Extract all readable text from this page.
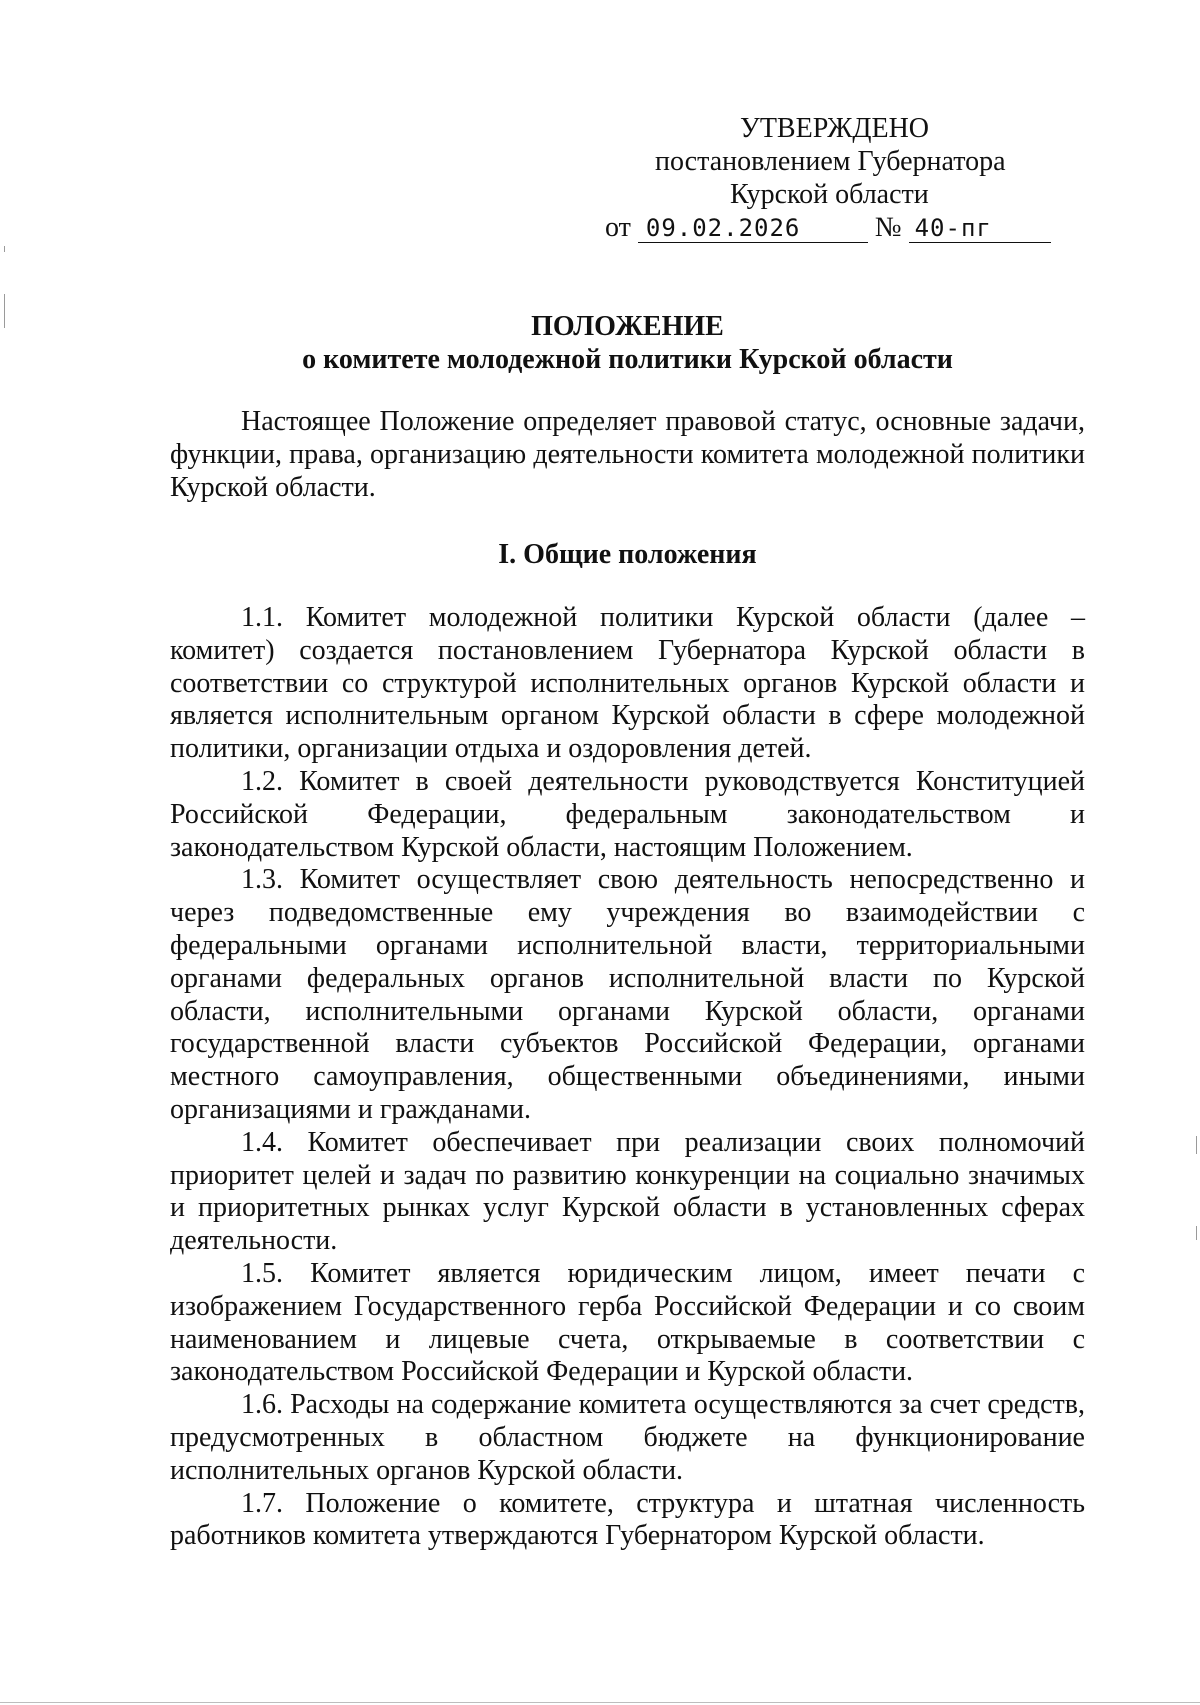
УТВЕРЖДЕНО
постановлением Губернатора
Курской области
от 09.02.2026	№ 40-пг
ПОЛОЖЕНИЕ
о комитете молодежной политики Курской области

Настоящее Положение определяет правовой статус, основные задачи, функции, права, организацию деятельности комитета молодежной политики Курской области.

I. Общие положения

1.1. Комитет молодежной политики Курской области (далее – комитет) создается постановлением Губернатора Курской области в соответствии со структурой исполнительных органов Курской области и является исполнительным органом Курской области в сфере молодежной политики, организации отдыха и оздоровления детей.

1.2. Комитет в своей деятельности руководствуется Конституцией Российской Федерации, федеральным законодательством и законодательством Курской области, настоящим Положением.

1.3. Комитет осуществляет свою деятельность непосредственно и через подведомственные ему учреждения во взаимодействии с федеральными органами исполнительной власти, территориальными органами федеральных органов исполнительной власти по Курской области, исполнительными органами Курской области, органами государственной власти субъектов Российской Федерации, органами местного самоуправления, общественными объединениями, иными организациями и гражданами.

1.4. Комитет обеспечивает при реализации своих полномочий приоритет целей и задач по развитию конкуренции на социально значимых и приоритетных рынках услуг Курской области в установленных сферах деятельности.

1.5. Комитет является юридическим лицом, имеет печати с изображением Государственного герба Российской Федерации и со своим наименованием и лицевые счета, открываемые в соответствии с законодательством Российской Федерации и Курской области.

1.6. Расходы на содержание комитета осуществляются за счет средств, предусмотренных в областном бюджете на функционирование исполнительных органов Курской области.

1.7. Положение о комитете, структура и штатная численность работников комитета утверждаются Губернатором Курской области.
